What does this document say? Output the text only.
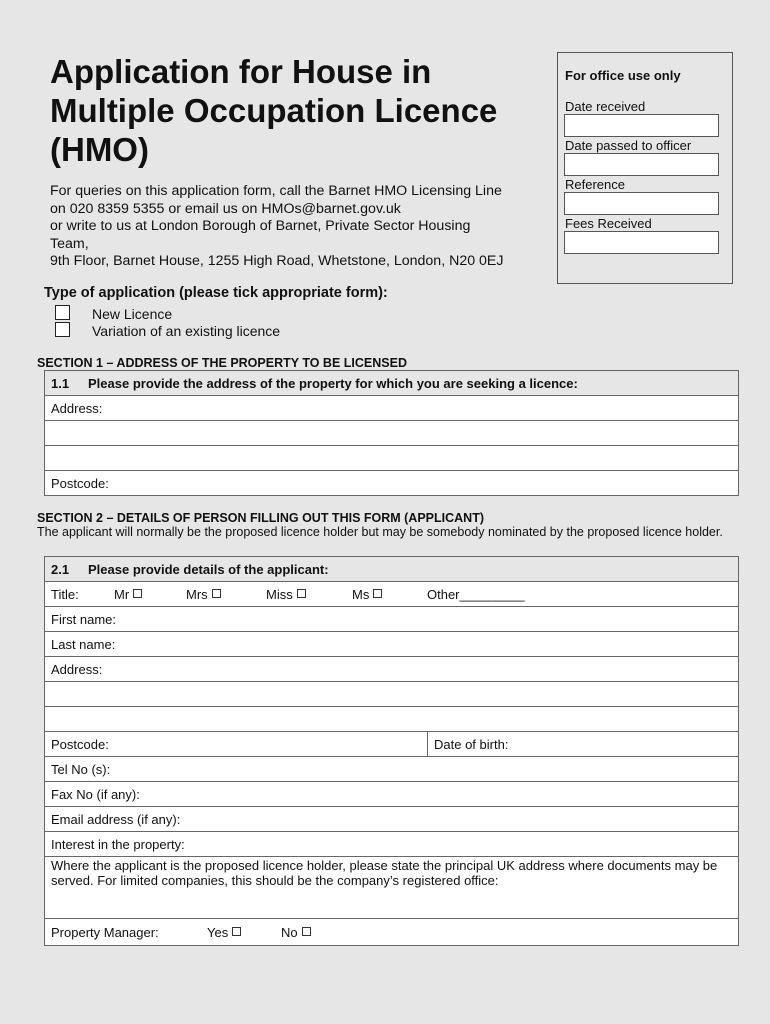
Application for House in
Multiple Occupation Licence
(HMO)
For queries on this application form, call the Barnet HMO Licensing Line
on 020 8359 5355 or email us on HMOs@barnet.gov.uk
or write to us at London Borough of Barnet, Private Sector Housing
Team,
9th Floor, Barnet House, 1255 High Road, Whetstone, London, N20 0EJ
For office use only
Date received
Date passed to officer
Reference
Fees Received
Type of application (please tick appropriate form):
New Licence
Variation of an existing licence
SECTION 1 – ADDRESS OF THE PROPERTY TO BE LICENSED
1.1 Please provide the address of the property for which you are seeking a licence:
Address:

Postcode:
SECTION 2 – DETAILS OF PERSON FILLING OUT THIS FORM (APPLICANT)
The applicant will normally be the proposed licence holder but may be somebody nominated by the proposed licence holder.
2.1 Please provide details of the applicant:
Title:	Mr	Mrs	Miss	Ms	Other_________
First name:
Last name:
Address:

Postcode:	Date of birth:
Tel No (s):
Fax No (if any):
Email address (if any):
Interest in the property:
Where the applicant is the proposed licence holder, please state the principal UK address where documents may be served. For limited companies, this should be the company’s registered office:
Property Manager:	Yes	No
